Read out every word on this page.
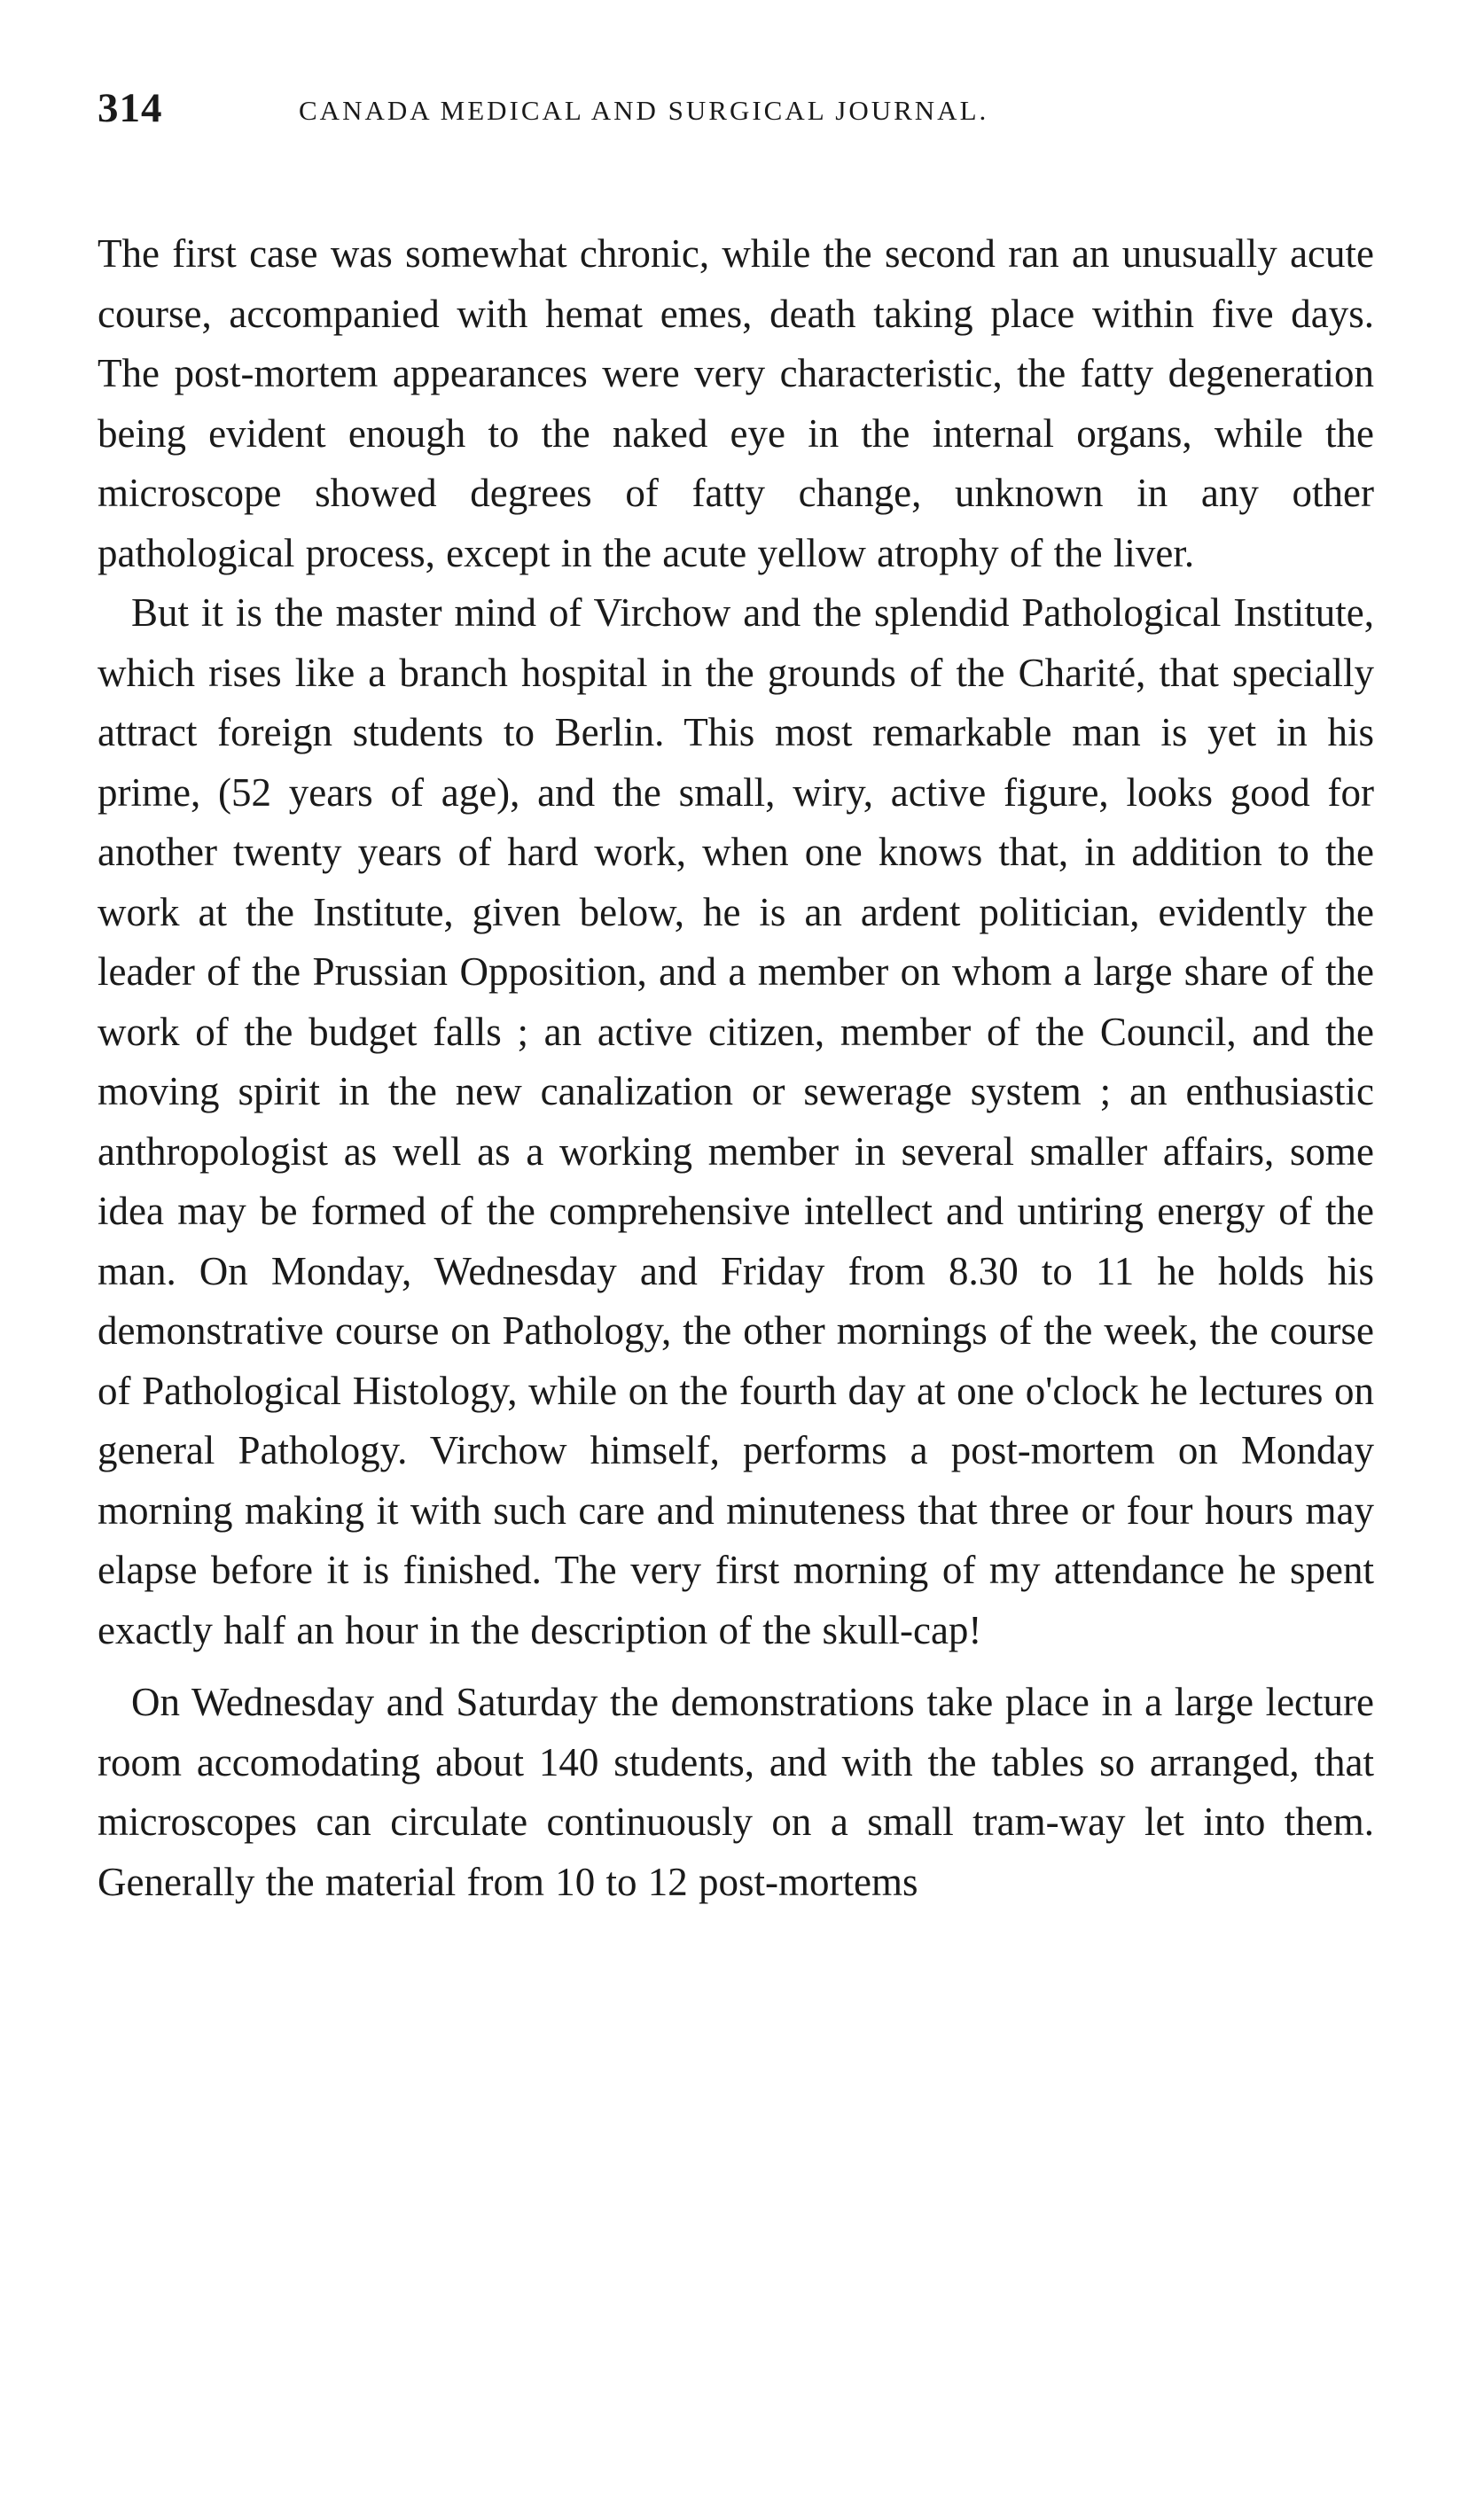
314	CANADA MEDICAL AND SURGICAL JOURNAL.

The first case was somewhat chronic, while the second ran an unusually acute course, accompanied with hemat emes, death taking place within five days. The post-mortem appearances were very characteristic, the fatty degeneration being evident enough to the naked eye in the internal organs, while the microscope showed degrees of fatty change, unknown in any other pathological process, except in the acute yellow atrophy of the liver.

But it is the master mind of Virchow and the splendid Pathological Institute, which rises like a branch hospital in the grounds of the Charité, that specially attract foreign students to Berlin. This most remarkable man is yet in his prime, (52 years of age), and the small, wiry, active figure, looks good for another twenty years of hard work, when one knows that, in addition to the work at the Institute, given below, he is an ardent politician, evidently the leader of the Prussian Opposition, and a member on whom a large share of the work of the budget falls ; an active citizen, member of the Council, and the moving spirit in the new canalization or sewerage system ; an enthusiastic anthropologist as well as a working member in several smaller affairs, some idea may be formed of the comprehensive intellect and untiring energy of the man. On Monday, Wednesday and Friday from 8.30 to 11 he holds his demonstrative course on Pathology, the other mornings of the week, the course of Pathological Histology, while on the fourth day at one o'clock he lectures on general Pathology. Virchow himself, performs a post-mortem on Monday morning making it with such care and minuteness that three or four hours may elapse before it is finished. The very first morning of my attendance he spent exactly half an hour in the description of the skull-cap!

On Wednesday and Saturday the demonstrations take place in a large lecture room accomodating about 140 students, and with the tables so arranged, that microscopes can circulate continuously on a small tram-way let into them. Generally the material from 10 to 12 post-mortems
